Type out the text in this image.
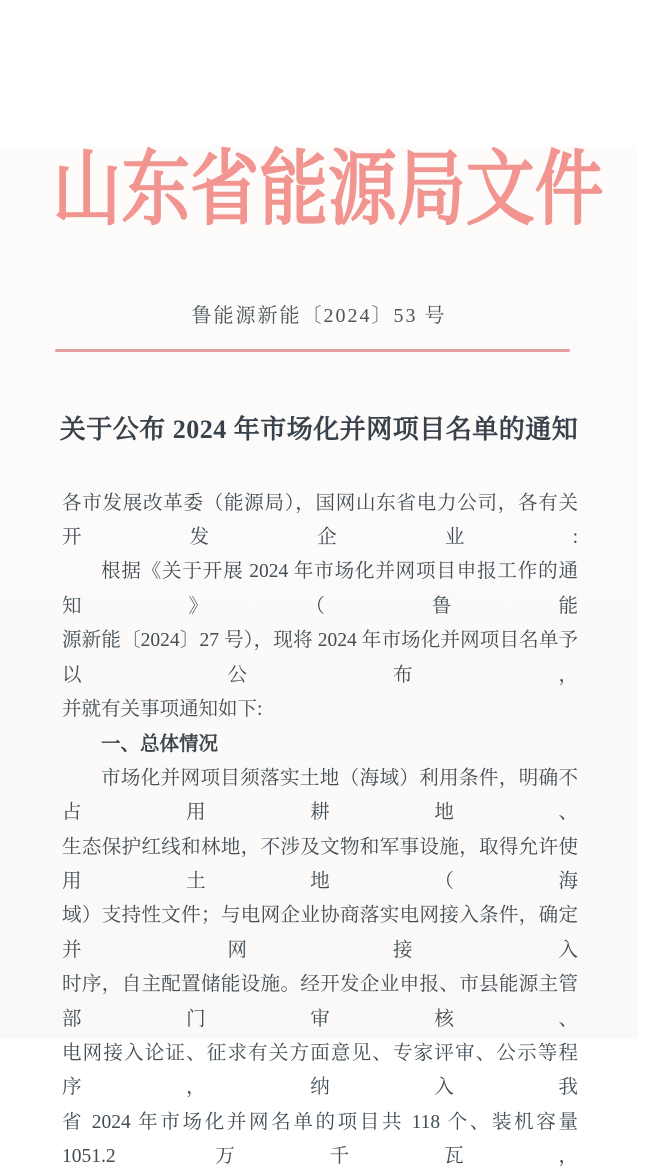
山东省能源局文件
鲁能源新能〔2024〕53 号
关于公布 2024 年市场化并网项目名单的通知
各市发展改革委（能源局），国网山东省电力公司，各有关开发企业:
根据《关于开展 2024 年市场化并网项目申报工作的通知》（鲁能
源新能〔2024〕27 号），现将 2024 年市场化并网项目名单予以公布，
并就有关事项通知如下:
一、总体情况
市场化并网项目须落实土地（海域）利用条件，明确不占用耕地、
生态保护红线和林地，不涉及文物和军事设施，取得允许使用土地（海
域）支持性文件；与电网企业协商落实电网接入条件，确定并网接入
时序，自主配置储能设施。经开发企业申报、市县能源主管部门审核、
电网接入论证、征求有关方面意见、专家评审、公示等程序，纳入我
省 2024 年市场化并网名单的项目共 118 个、装机容量 1051.2 万千瓦，
